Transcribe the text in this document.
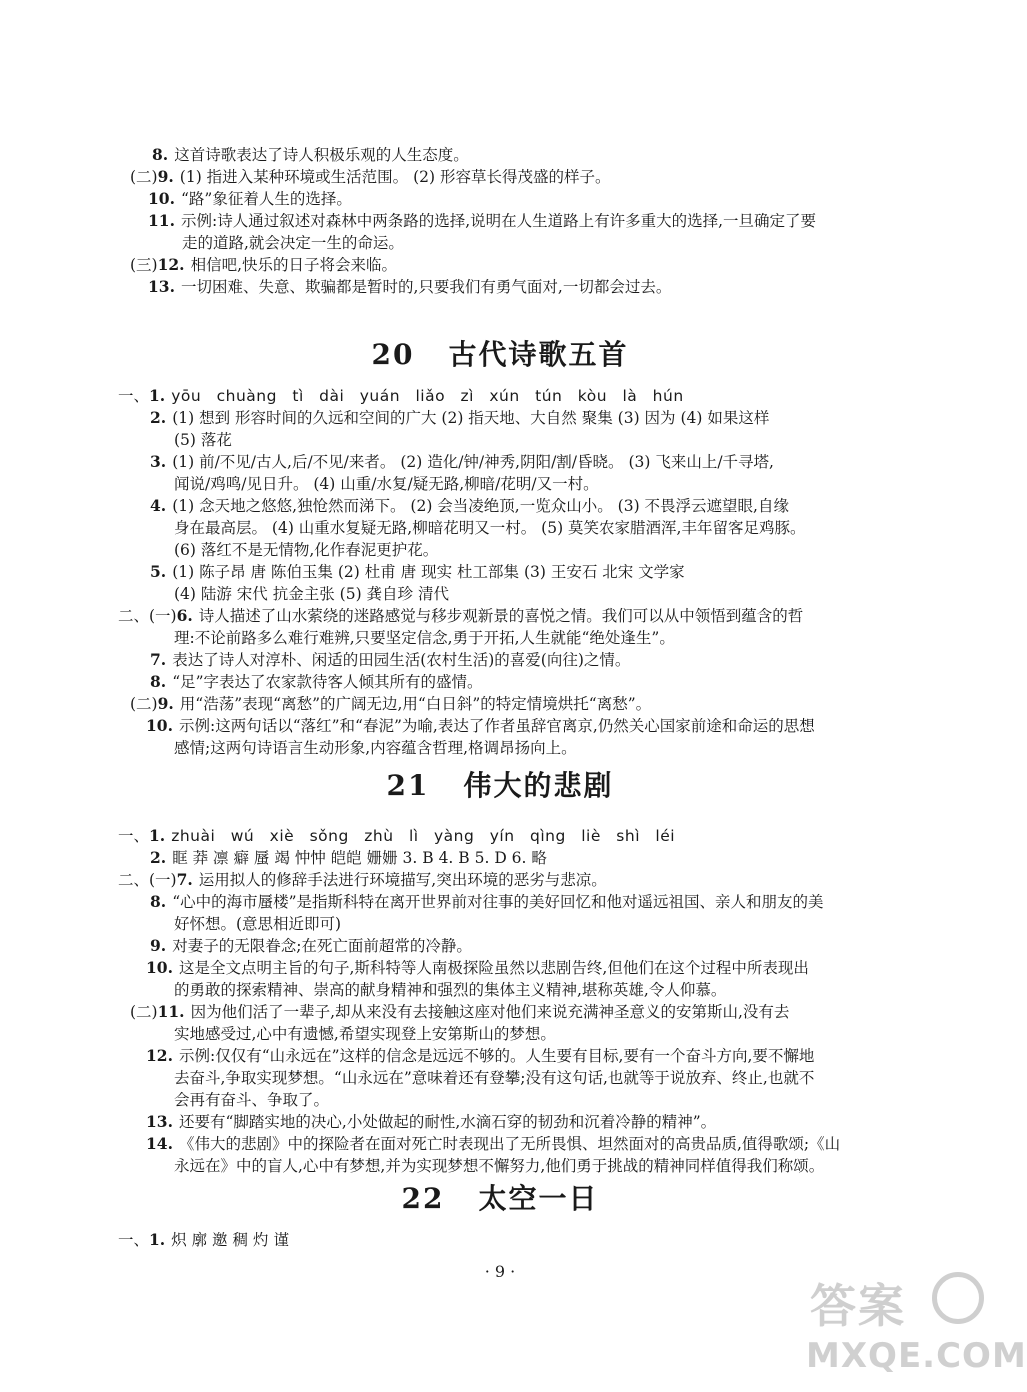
8. 这首诗歌表达了诗人积极乐观的人生态度。
(二)9. (1) 指进入某种环境或生活范围。 (2) 形容草长得茂盛的样子。
10. “路”象征着人生的选择。
11. 示例:诗人通过叙述对森林中两条路的选择,说明在人生道路上有许多重大的选择,一旦确定了要
走的道路,就会决定一生的命运。
(三)12. 相信吧,快乐的日子将会来临。
13. 一切困难、失意、欺骗都是暂时的,只要我们有勇气面对,一切都会过去。
一、1. yōu chuàng tì dài yuán liǎo zì xún tún kòu là hún
2. (1) 想到 形容时间的久远和空间的广大 (2) 指天地、大自然 聚集 (3) 因为 (4) 如果这样
(5) 落花
3. (1) 前/不见/古人,后/不见/来者。 (2) 造化/钟/神秀,阴阳/割/昏晓。 (3) 飞来山上/千寻塔,
闻说/鸡鸣/见日升。 (4) 山重/水复/疑无路,柳暗/花明/又一村。
4. (1) 念天地之悠悠,独怆然而涕下。 (2) 会当凌绝顶,一览众山小。 (3) 不畏浮云遮望眼,自缘
身在最高层。 (4) 山重水复疑无路,柳暗花明又一村。 (5) 莫笑农家腊酒浑,丰年留客足鸡豚。
(6) 落红不是无情物,化作春泥更护花。
5. (1) 陈子昂 唐 陈伯玉集 (2) 杜甫 唐 现实 杜工部集 (3) 王安石 北宋 文学家
(4) 陆游 宋代 抗金主张 (5) 龚自珍 清代
二、(一)6. 诗人描述了山水萦绕的迷路感觉与移步观新景的喜悦之情。我们可以从中领悟到蕴含的哲
理:不论前路多么难行难辨,只要坚定信念,勇于开拓,人生就能“绝处逢生”。
7. 表达了诗人对淳朴、闲适的田园生活(农村生活)的喜爱(向往)之情。
8. “足”字表达了农家款待客人倾其所有的盛情。
(二)9. 用“浩荡”表现“离愁”的广阔无边,用“白日斜”的特定情境烘托“离愁”。
10. 示例:这两句话以“落红”和“春泥”为喻,表达了作者虽辞官离京,仍然关心国家前途和命运的思想
感情;这两句诗语言生动形象,内容蕴含哲理,格调昂扬向上。
一、1. zhuài wú xiè sǒng zhù lì yàng yín qìng liè shì léi
2. 眶 莽 凛 癖 蜃 竭 忡忡 皑皑 姗姗 3. B 4. B 5. D 6. 略
二、(一)7. 运用拟人的修辞手法进行环境描写,突出环境的恶劣与悲凉。
8. “心中的海市蜃楼”是指斯科特在离开世界前对往事的美好回忆和他对遥远祖国、亲人和朋友的美
好怀想。(意思相近即可)
9. 对妻子的无限眷念;在死亡面前超常的冷静。
10. 这是全文点明主旨的句子,斯科特等人南极探险虽然以悲剧告终,但他们在这个过程中所表现出
的勇敢的探索精神、崇高的献身精神和强烈的集体主义精神,堪称英雄,令人仰慕。
(二)11. 因为他们活了一辈子,却从来没有去接触这座对他们来说充满神圣意义的安第斯山,没有去
实地感受过,心中有遗憾,希望实现登上安第斯山的梦想。
12. 示例:仅仅有“山永远在”这样的信念是远远不够的。人生要有目标,要有一个奋斗方向,要不懈地
去奋斗,争取实现梦想。“山永远在”意味着还有登攀;没有这句话,也就等于说放弃、终止,也就不
会再有奋斗、争取了。
13. 还要有“脚踏实地的决心,小处做起的耐性,水滴石穿的韧劲和沉着冷静的精神”。
14. 《伟大的悲剧》中的探险者在面对死亡时表现出了无所畏惧、坦然面对的高贵品质,值得歌颂;《山
永远在》中的盲人,心中有梦想,并为实现梦想不懈努力,他们勇于挑战的精神同样值得我们称颂。
一、1. 炽 廓 邀 稠 灼 谨
20 古代诗歌五首
21 伟大的悲剧
22 太空一日
· 9 ·
答案
MXQE.COM
